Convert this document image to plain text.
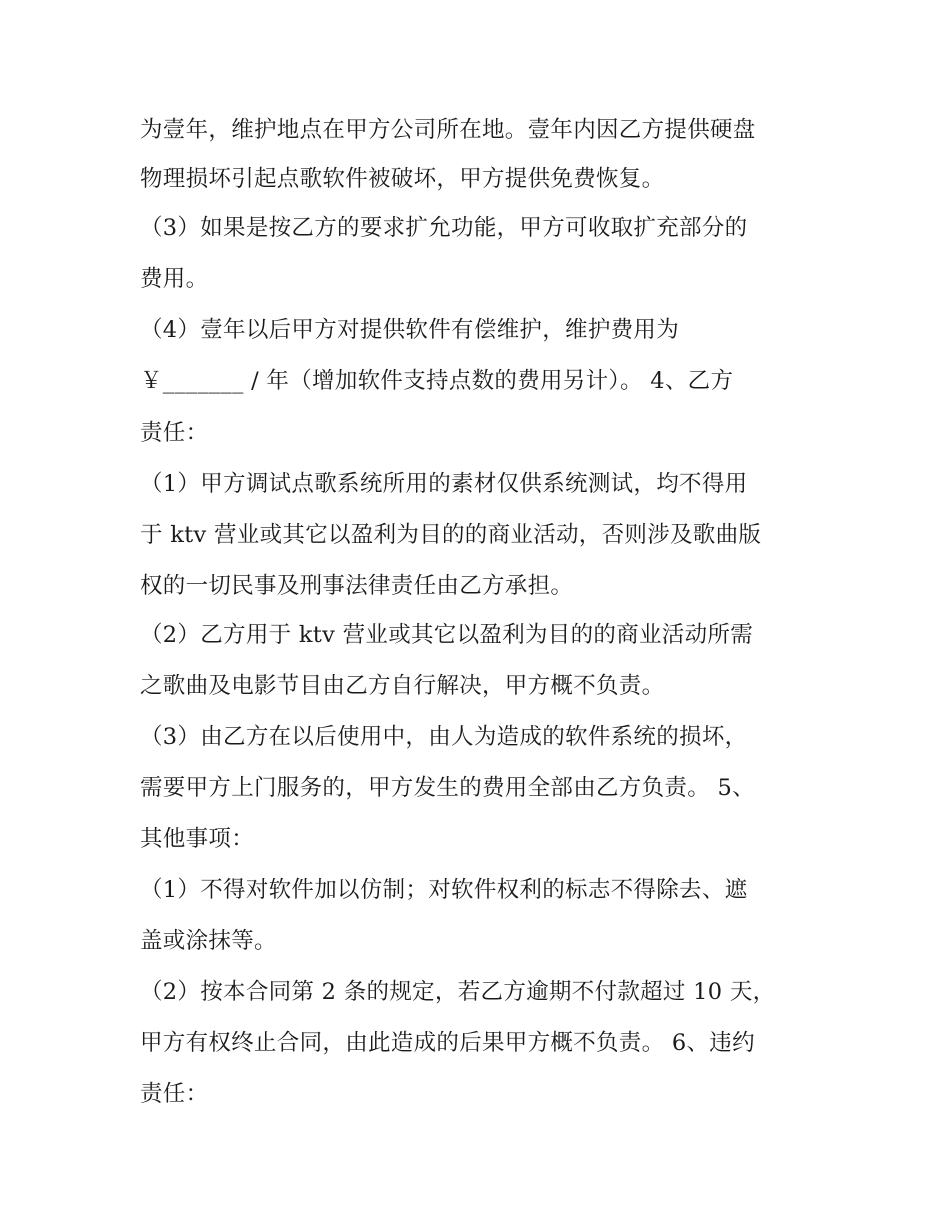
为壹年，维护地点在甲方公司所在地。壹年内因乙方提供硬盘
物理损坏引起点歌软件被破坏，甲方提供免费恢复。
（3）如果是按乙方的要求扩允功能，甲方可收取扩充部分的
费用。
（4）壹年以后甲方对提供软件有偿维护，维护费用为
￥_______ / 年（增加软件支持点数的费用另计）。 4、乙方
责任：
（1）甲方调试点歌系统所用的素材仅供系统测试，均不得用
于 ktv 营业或其它以盈利为目的的商业活动，否则涉及歌曲版
权的一切民事及刑事法律责任由乙方承担。
（2）乙方用于 ktv 营业或其它以盈利为目的的商业活动所需
之歌曲及电影节目由乙方自行解决，甲方概不负责。
（3）由乙方在以后使用中，由人为造成的软件系统的损坏，
需要甲方上门服务的，甲方发生的费用全部由乙方负责。 5、
其他事项：
（1）不得对软件加以仿制；对软件权利的标志不得除去、遮
盖或涂抹等。
（2）按本合同第 2 条的规定，若乙方逾期不付款超过 10 天，
甲方有权终止合同，由此造成的后果甲方概不负责。 6、违约
责任：
